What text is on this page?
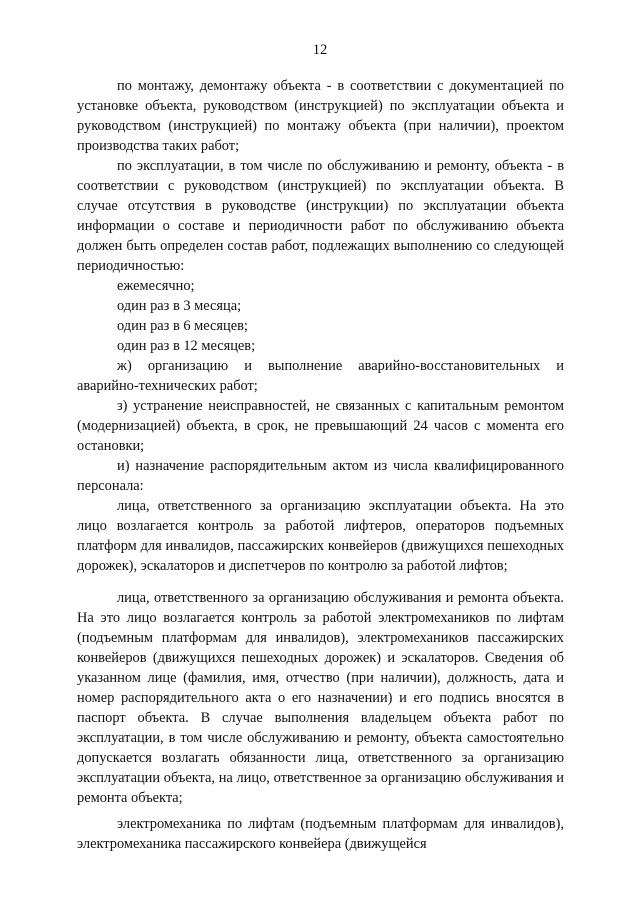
12

по монтажу, демонтажу объекта - в соответствии с документацией по установке объекта, руководством (инструкцией) по эксплуатации объекта и руководством (инструкцией) по монтажу объекта (при наличии), проектом производства таких работ;

по эксплуатации, в том числе по обслуживанию и ремонту, объекта - в соответствии с руководством (инструкцией) по эксплуатации объекта. В случае отсутствия в руководстве (инструкции) по эксплуатации объекта информации о составе и периодичности работ по обслуживанию объекта должен быть определен состав работ, подлежащих выполнению со следующей периодичностью:

ежемесячно;

один раз в 3 месяца;

один раз в 6 месяцев;

один раз в 12 месяцев;

ж) организацию и выполнение аварийно-восстановительных и аварийно-технических работ;

з) устранение неисправностей, не связанных с капитальным ремонтом (модернизацией) объекта, в срок, не превышающий 24 часов с момента его остановки;

и) назначение распорядительным актом из числа квалифицированного персонала:

лица, ответственного за организацию эксплуатации объекта. На это лицо возлагается контроль за работой лифтеров, операторов подъемных платформ для инвалидов, пассажирских конвейеров (движущихся пешеходных дорожек), эскалаторов и диспетчеров по контролю за работой лифтов;

лица, ответственного за организацию обслуживания и ремонта объекта. На это лицо возлагается контроль за работой электромехаников по лифтам (подъемным платформам для инвалидов), электромехаников пассажирских конвейеров (движущихся пешеходных дорожек) и эскалаторов. Сведения об указанном лице (фамилия, имя, отчество (при наличии), должность, дата и номер распорядительного акта о его назначении) и его подпись вносятся в паспорт объекта. В случае выполнения владельцем объекта работ по эксплуатации, в том числе обслуживанию и ремонту, объекта самостоятельно допускается возлагать обязанности лица, ответственного за организацию эксплуатации объекта, на лицо, ответственное за организацию обслуживания и ремонта объекта;

электромеханика по лифтам (подъемным платформам для инвалидов), электромеханика пассажирского конвейера (движущейся
